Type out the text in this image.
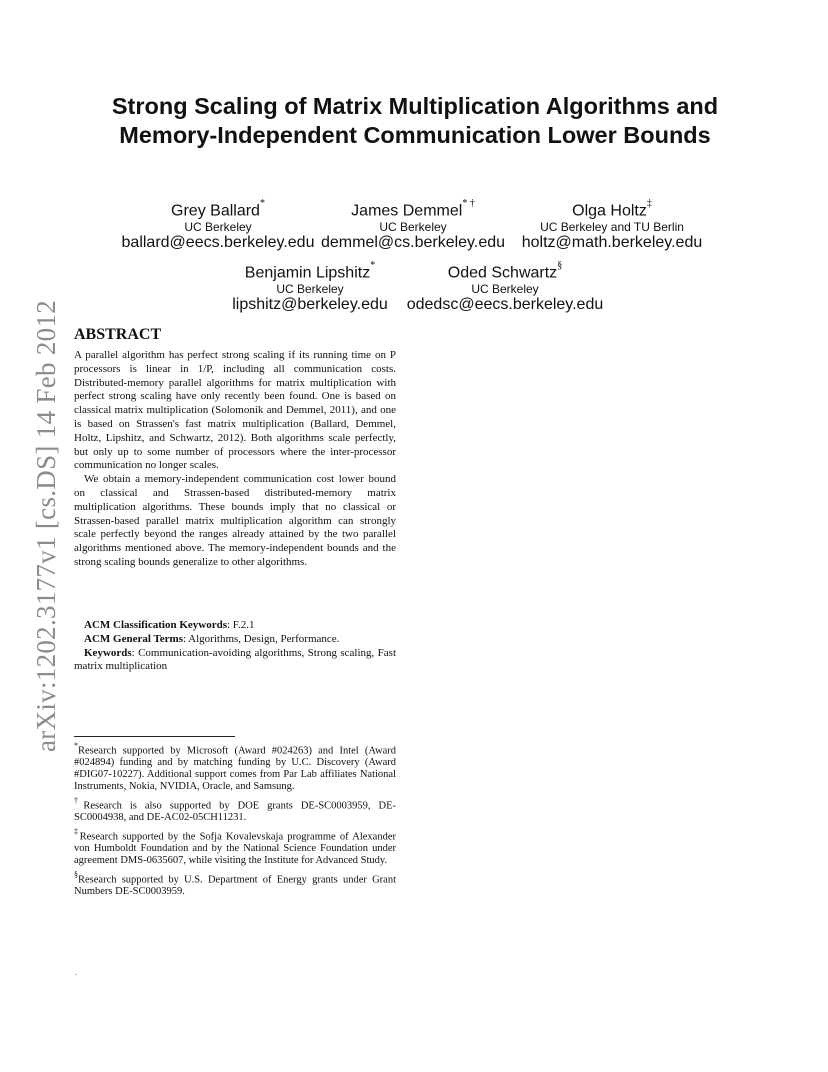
arXiv:1202.3177v1 [cs.DS] 14 Feb 2012
Strong Scaling of Matrix Multiplication Algorithms and
Memory-Independent Communication Lower Bounds
Grey Ballard*
UC Berkeley
ballard@eecs.berkeley.edu
James Demmel* †
UC Berkeley
demmel@cs.berkeley.edu
Olga Holtz‡
UC Berkeley and TU Berlin
holtz@math.berkeley.edu
Benjamin Lipshitz*
UC Berkeley
lipshitz@berkeley.edu
Oded Schwartz§
UC Berkeley
odedsc@eecs.berkeley.edu
ABSTRACT

A parallel algorithm has perfect strong scaling if its running time on P processors is linear in 1/P, including all communication costs. Distributed-memory parallel algorithms for matrix multiplication with perfect strong scaling have only recently been found. One is based on classical matrix multiplication (Solomonik and Demmel, 2011), and one is based on Strassen's fast matrix multiplication (Ballard, Demmel, Holtz, Lipshitz, and Schwartz, 2012). Both algorithms scale perfectly, but only up to some number of processors where the inter-processor communication no longer scales.

We obtain a memory-independent communication cost lower bound on classical and Strassen-based distributed-memory matrix multiplication algorithms. These bounds imply that no classical or Strassen-based parallel matrix multiplication algorithm can strongly scale perfectly beyond the ranges already attained by the two parallel algorithms mentioned above. The memory-independent bounds and the strong scaling bounds generalize to other algorithms.

ACM Classification Keywords: F.2.1

ACM General Terms: Algorithms, Design, Performance.

Keywords: Communication-avoiding algorithms, Strong scaling, Fast matrix multiplication

*Research supported by Microsoft (Award #024263) and Intel (Award #024894) funding and by matching funding by U.C. Discovery (Award #DIG07-10227). Additional support comes from Par Lab affiliates National Instruments, Nokia, NVIDIA, Oracle, and Samsung.

†Research is also supported by DOE grants DE-SC0003959, DE-SC0004938, and DE-AC02-05CH11231.

‡Research supported by the Sofja Kovalevskaja programme of Alexander von Humboldt Foundation and by the National Science Foundation under agreement DMS-0635607, while visiting the Institute for Advanced Study.

§Research supported by U.S. Department of Energy grants under Grant Numbers DE-SC0003959.

.
